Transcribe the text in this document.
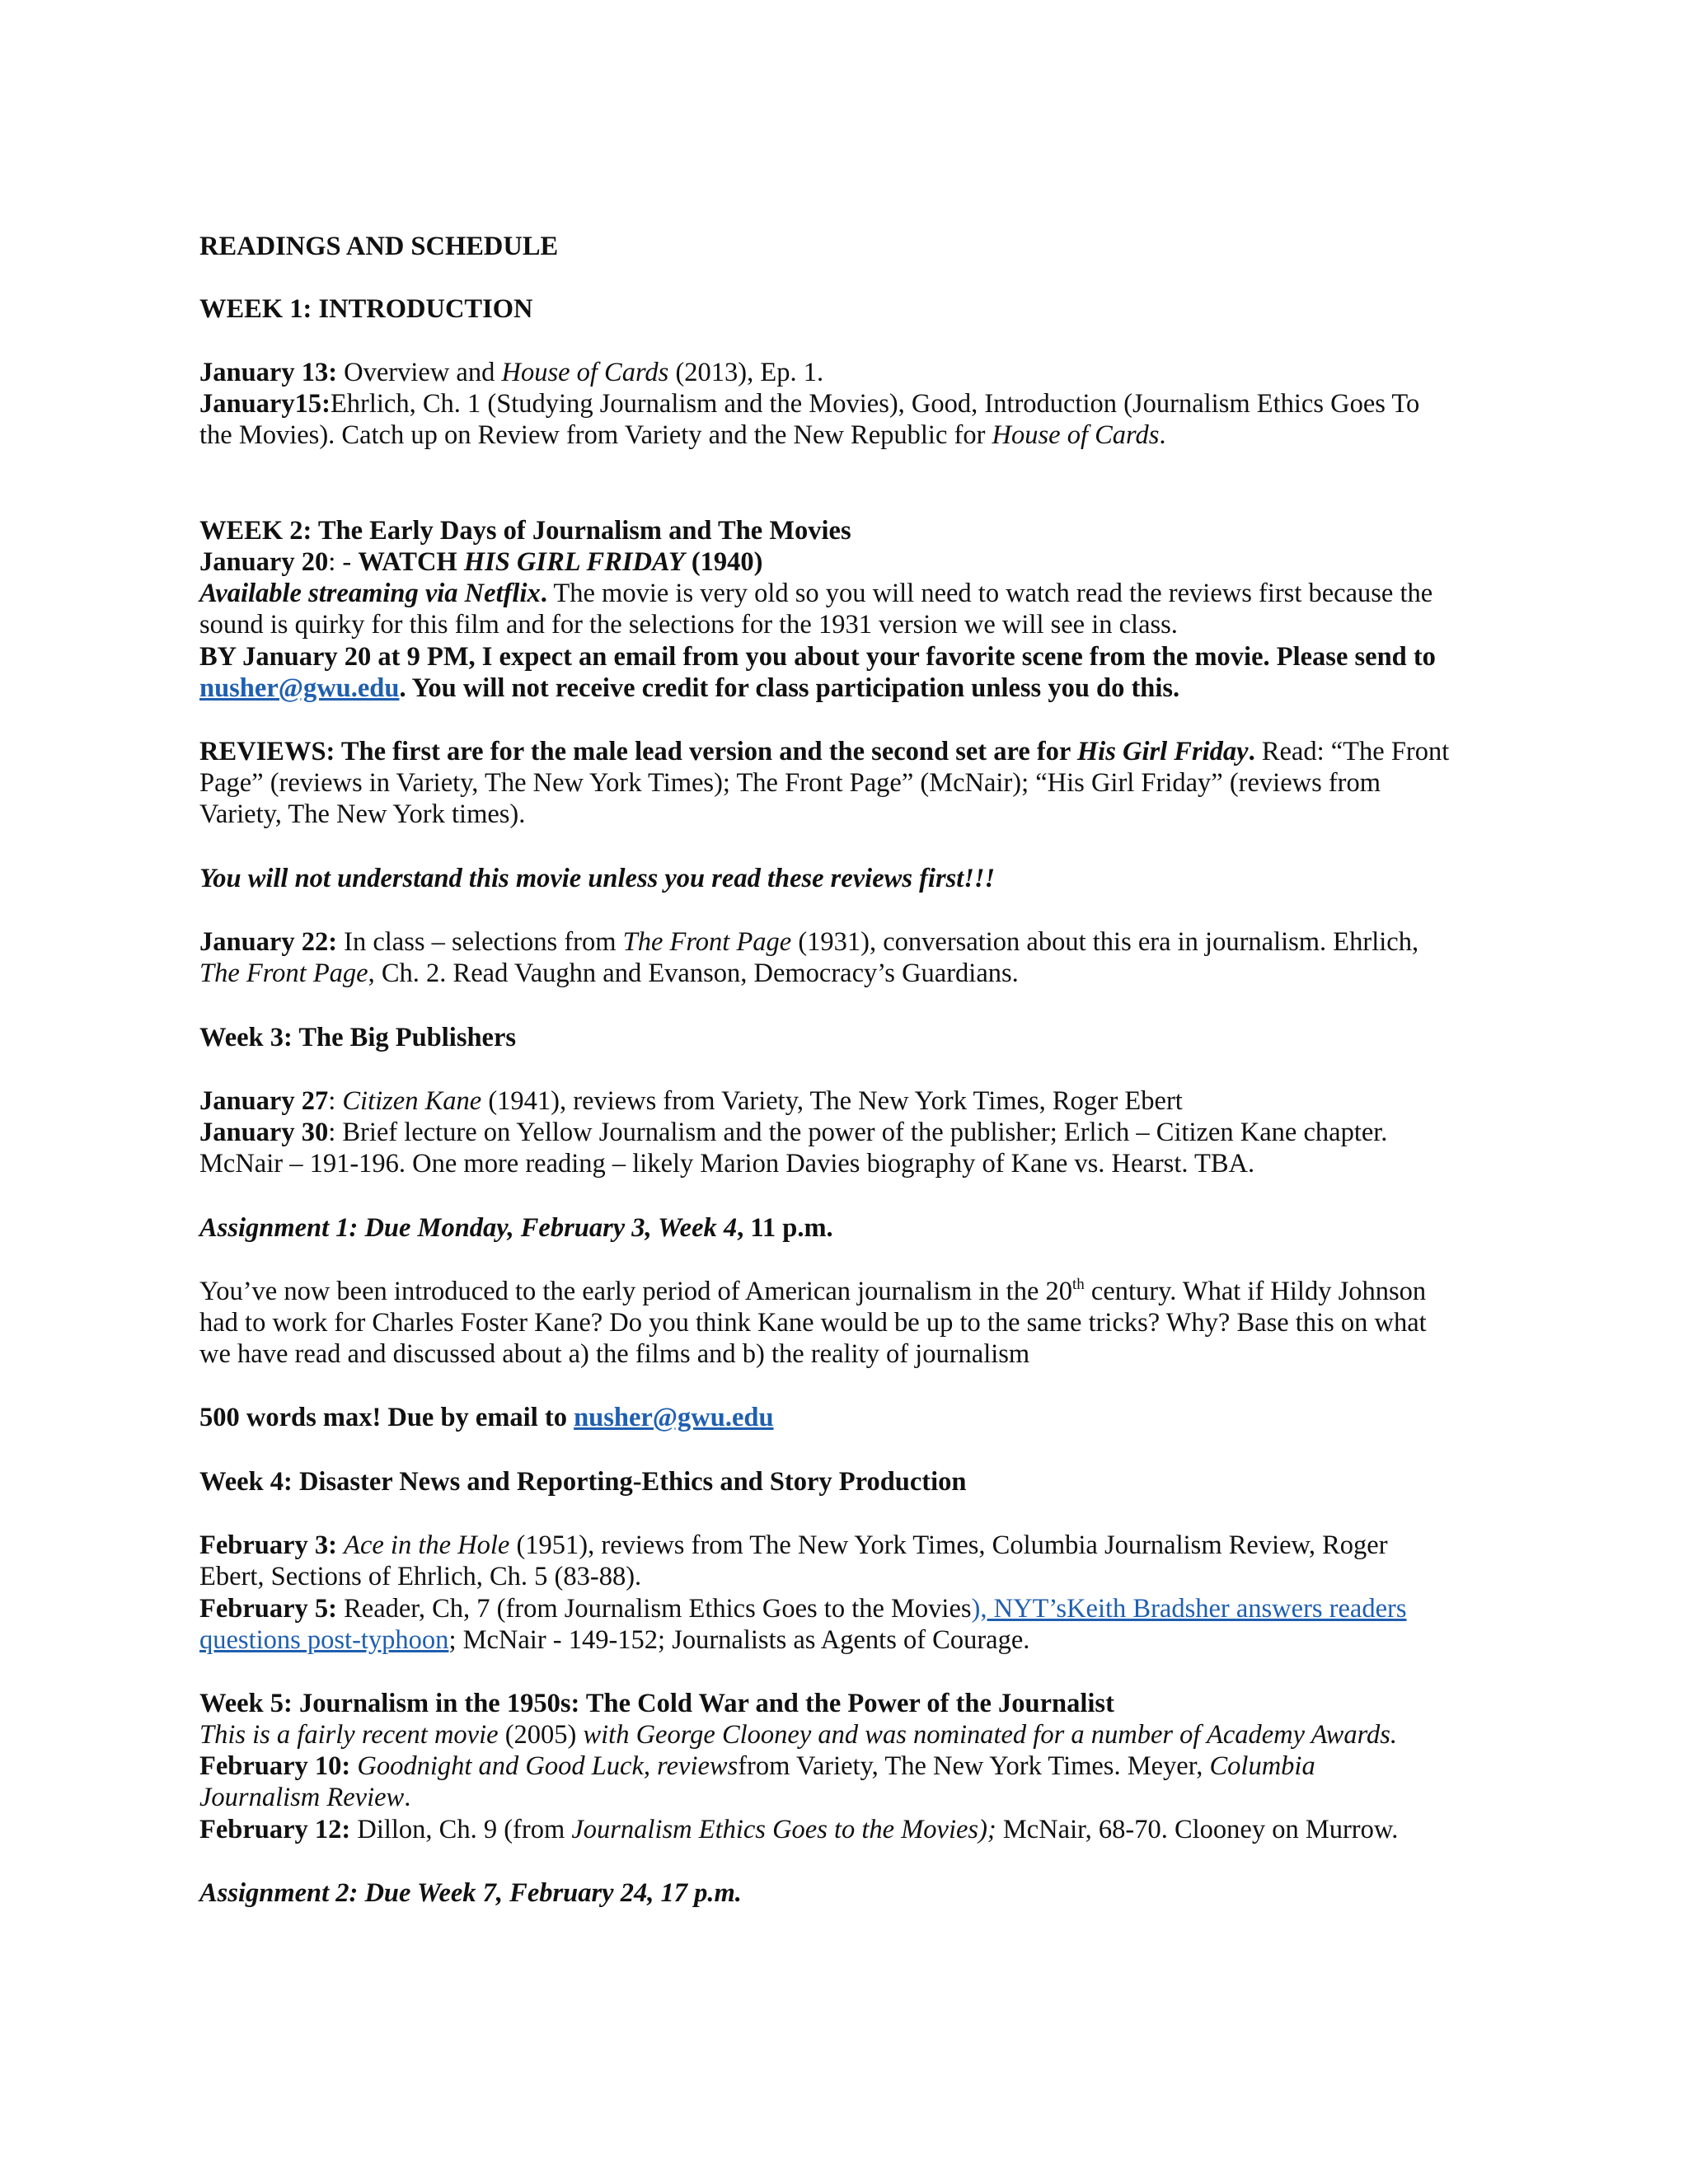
READINGS AND SCHEDULE
WEEK 1: INTRODUCTION
January 13: Overview and House of Cards (2013), Ep. 1.
January15:Ehrlich, Ch. 1 (Studying Journalism and the Movies), Good, Introduction (Journalism Ethics Goes To
the Movies). Catch up on Review from Variety and the New Republic for House of Cards.
WEEK 2: The Early Days of Journalism and The Movies
January 20: - WATCH HIS GIRL FRIDAY (1940)
Available streaming via Netflix. The movie is very old so you will need to watch read the reviews first because the
sound is quirky for this film and for the selections for the 1931 version we will see in class.
BY January 20 at 9 PM, I expect an email from you about your favorite scene from the movie. Please send to
nusher@gwu.edu. You will not receive credit for class participation unless you do this.
REVIEWS: The first are for the male lead version and the second set are for His Girl Friday. Read: “The Front
Page” (reviews in Variety, The New York Times); The Front Page” (McNair); “His Girl Friday” (reviews from
Variety, The New York times).
You will not understand this movie unless you read these reviews first!!!
January 22: In class – selections from The Front Page (1931), conversation about this era in journalism. Ehrlich,
The Front Page, Ch. 2. Read Vaughn and Evanson, Democracy’s Guardians.
Week 3: The Big Publishers
January 27: Citizen Kane (1941), reviews from Variety, The New York Times, Roger Ebert
January 30: Brief lecture on Yellow Journalism and the power of the publisher; Erlich – Citizen Kane chapter.
McNair – 191-196. One more reading – likely Marion Davies biography of Kane vs. Hearst. TBA.
Assignment 1: Due Monday, February 3, Week 4, 11 p.m.
You’ve now been introduced to the early period of American journalism in the 20th century. What if Hildy Johnson
had to work for Charles Foster Kane? Do you think Kane would be up to the same tricks? Why? Base this on what
we have read and discussed about a) the films and b) the reality of journalism
500 words max! Due by email to nusher@gwu.edu
Week 4: Disaster News and Reporting-Ethics and Story Production
February 3: Ace in the Hole (1951), reviews from The New York Times, Columbia Journalism Review, Roger
Ebert, Sections of Ehrlich, Ch. 5 (83-88).
February 5: Reader, Ch, 7 (from Journalism Ethics Goes to the Movies), NYT’sKeith Bradsher answers readers
questions post-typhoon; McNair - 149-152; Journalists as Agents of Courage.
Week 5: Journalism in the 1950s: The Cold War and the Power of the Journalist
This is a fairly recent movie (2005) with George Clooney and was nominated for a number of Academy Awards.
February 10: Goodnight and Good Luck, reviewsfrom Variety, The New York Times. Meyer, Columbia
Journalism Review.
February 12: Dillon, Ch. 9 (from Journalism Ethics Goes to the Movies); McNair, 68-70. Clooney on Murrow.
Assignment 2: Due Week 7, February 24, 17 p.m.
